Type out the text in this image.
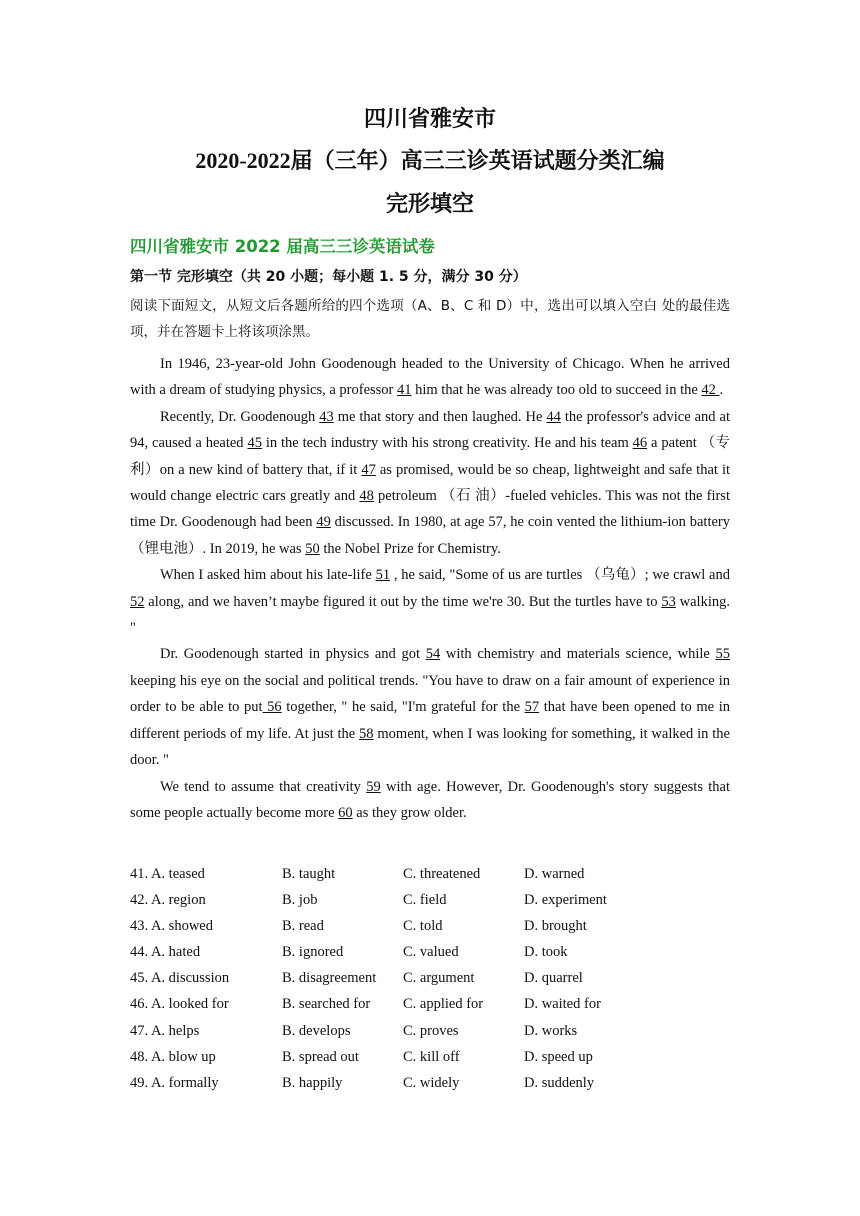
四川省雅安市
2020-2022届（三年）高三三诊英语试题分类汇编
完形填空
四川省雅安市 2022 届高三三诊英语试卷
第一节 完形填空（共 20 小题；每小题 1. 5 分，满分 30 分）
阅读下面短文，从短文后各题所给的四个选项（A、B、C 和 D）中，选出可以填入空白 处的最佳选项，并在答题卡上将该项涂黑。

In 1946, 23-year-old John Goodenough headed to the University of Chicago. When he arrived with a dream of studying physics, a professor 41 him that he was already too old to succeed in the 42 .

Recently, Dr. Goodenough 43 me that story and then laughed. He 44 the professor's advice and at 94, caused a heated 45 in the tech industry with his strong creativity. He and his team 46 a patent （专利）on a new kind of battery that, if it 47 as promised, would be so cheap, lightweight and safe that it would change electric cars greatly and 48 petroleum （石 油）-fueled vehicles. This was not the first time Dr. Goodenough had been 49 discussed. In 1980, at age 57, he coin vented the lithium-ion battery （锂电池）. In 2019, he was 50 the Nobel Prize for Chemistry.

When I asked him about his late-life 51 , he said, "Some of us are turtles （乌龟）; we crawl and 52 along, and we haven’t maybe figured it out by the time we're 30. But the turtles have to 53 walking. "

Dr. Goodenough started in physics and got 54 with chemistry and materials science, while 55 keeping his eye on the social and political trends. "You have to draw on a fair amount of experience in order to be able to put 56 together, " he said, "I'm grateful for the 57 that have been opened to me in different periods of my life. At just the 58 moment, when I was looking for something, it walked in the door. "

We tend to assume that creativity 59 with age. However, Dr. Goodenough's story suggests that some people actually become more 60 as they grow older.

41. A. teased	B. taught	C. threatened	D. warned
42. A. region	B. job	C. field	D. experiment
43. A. showed	B. read	C. told	D. brought
44. A. hated	B. ignored	C. valued	D. took
45. A. discussion	B. disagreement C. argument	D. quarrel
46. A. looked for	B. searched for C. applied for	D. waited for
47. A. helps	B. develops	C. proves	D. works
48. A. blow up	B. spread out	C. kill off	D. speed up
49. A. formally	B. happily	C. widely	D. suddenly
